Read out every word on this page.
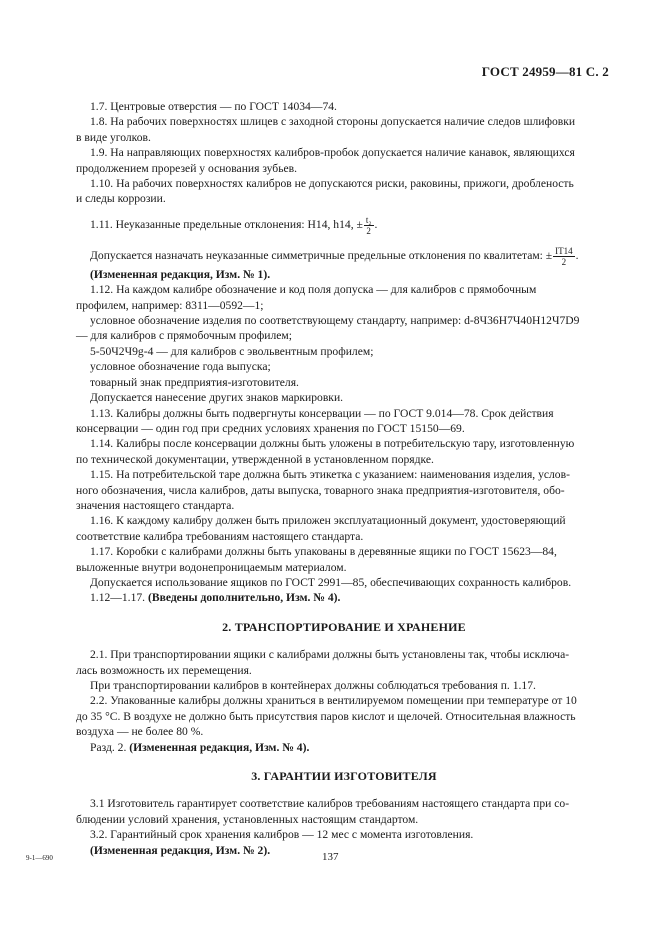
ГОСТ 24959—81 С. 2

1.7. Центровые отверстия — по ГОСТ 14034—74.

1.8. На рабочих поверхностях шлицев с заходной стороны допускается наличие следов шлифовки

в виде уголков.

1.9. На направляющих поверхностях калибров-пробок допускается наличие канавок, являющихся

продолжением прорезей у основания зубьев.

1.10. На рабочих поверхностях калибров не допускаются риски, раковины, прижоги, дробленость

и следы коррозии.

1.11. Неуказанные предельные отклонения: Н14, h14, ± $\frac{\text{t₂}}{2}$ .

Допускается назначать неуказанные симметричные предельные отклонения по квалитетам: ± $\frac{IT14}{2}$ .

(Измененная редакция, Изм. № 1).

1.12. На каждом калибре обозначение и код поля допуска — для калибров с прямобочным

профилем, например: 8311—0592—1;

условное обозначение изделия по соответствующему стандарту, например: d-8Ч36Н7Ч40Н12Ч7D9

— для калибров с прямобочным профилем;

5-50Ч2Ч9g-4 — для калибров с эвольвентным профилем;

условное обозначение года выпуска;

товарный знак предприятия-изготовителя.

Допускается нанесение других знаков маркировки.

1.13. Калибры должны быть подвергнуты консервации — по ГОСТ 9.014—78. Срок действия

консервации — один год при средних условиях хранения по ГОСТ 15150—69.

1.14. Калибры после консервации должны быть уложены в потребительскую тару, изготовленную

по технической документации, утвержденной в установленном порядке.

1.15. На потребительской таре должна быть этикетка с указанием: наименования изделия, услов-

ного обозначения, числа калибров, даты выпуска, товарного знака предприятия-изготовителя, обо-

значения настоящего стандарта.

1.16. К каждому калибру должен быть приложен эксплуатационный документ, удостоверяющий

соответствие калибра требованиям настоящего стандарта.

1.17. Коробки с калибрами должны быть упакованы в деревянные ящики по ГОСТ 15623—84,

выложенные внутри водонепроницаемым материалом.

Допускается использование ящиков по ГОСТ 2991—85, обеспечивающих сохранность калибров.

1.12—1.17. (Введены дополнительно, Изм. № 4).

2. ТРАНСПОРТИРОВАНИЕ И ХРАНЕНИЕ

2.1. При транспортировании ящики с калибрами должны быть установлены так, чтобы исключа-

лась возможность их перемещения.

При транспортировании калибров в контейнерах должны соблюдаться требования п. 1.17.

2.2. Упакованные калибры должны храниться в вентилируемом помещении при температуре от 10

до 35 °С. В воздухе не должно быть присутствия паров кислот и щелочей. Относительная влажность

воздуха — не более 80 %.

Разд. 2. (Измененная редакция, Изм. № 4).

3. ГАРАНТИИ ИЗГОТОВИТЕЛЯ

3.1 Изготовитель гарантирует соответствие калибров требованиям настоящего стандарта при со-

блюдении условий хранения, установленных настоящим стандартом.

3.2. Гарантийный срок хранения калибров — 12 мес с момента изготовления.

(Измененная редакция, Изм. № 2).

9-1—690	137
